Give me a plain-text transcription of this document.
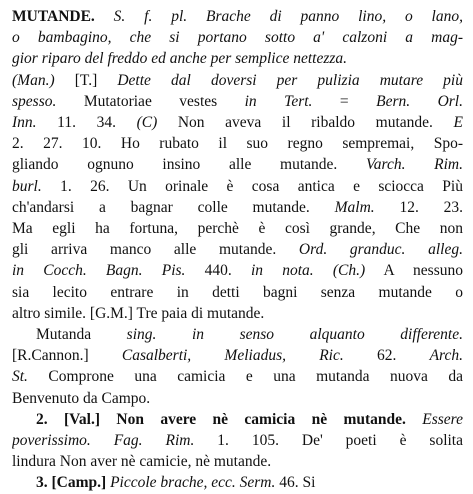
MUTANDE. S. f. pl. Brache di panno lino, o lano,
o bambagino, che si portano sotto a' calzoni a mag-
gior riparo del freddo ed anche per semplice nettezza.
(Man.) [T.] Dette dal doversi per pulizia mutare più
spesso. Mutatoriae vestes in Tert. = Bern. Orl.
Inn. 11. 34. (C) Non aveva il ribaldo mutande. E
2. 27. 10. Ho rubato il suo regno sempremai, Spo-
gliando ognuno insino alle mutande. Varch. Rim.
burl. 1. 26. Un orinale è cosa antica e sciocca Più
ch'andarsi a bagnar colle mutande. Malm. 12. 23.
Ma egli ha fortuna, perchè è così grande, Che non
gli arriva manco alle mutande. Ord. granduc. alleg.
in Cocch. Bagn. Pis. 440. in nota. (Ch.) A nessuno
sia lecito entrare in detti bagni senza mutande o
altro simile. [G.M.] Tre paia di mutande.
Mutanda sing. in senso alquanto differente.
[R.Cannon.] Casalberti, Meliadus, Ric. 62. Arch.
St. Comprone una camicia e una mutanda nuova da
Benvenuto da Campo.
2. [Val.] Non avere nè camicia nè mutande. Essere
poverissimo. Fag. Rim. 1. 105. De' poeti è solita
lindura Non aver nè camicie, nè mutande.
3. [Camp.] Piccole brache, ecc. Serm. 46. Si
